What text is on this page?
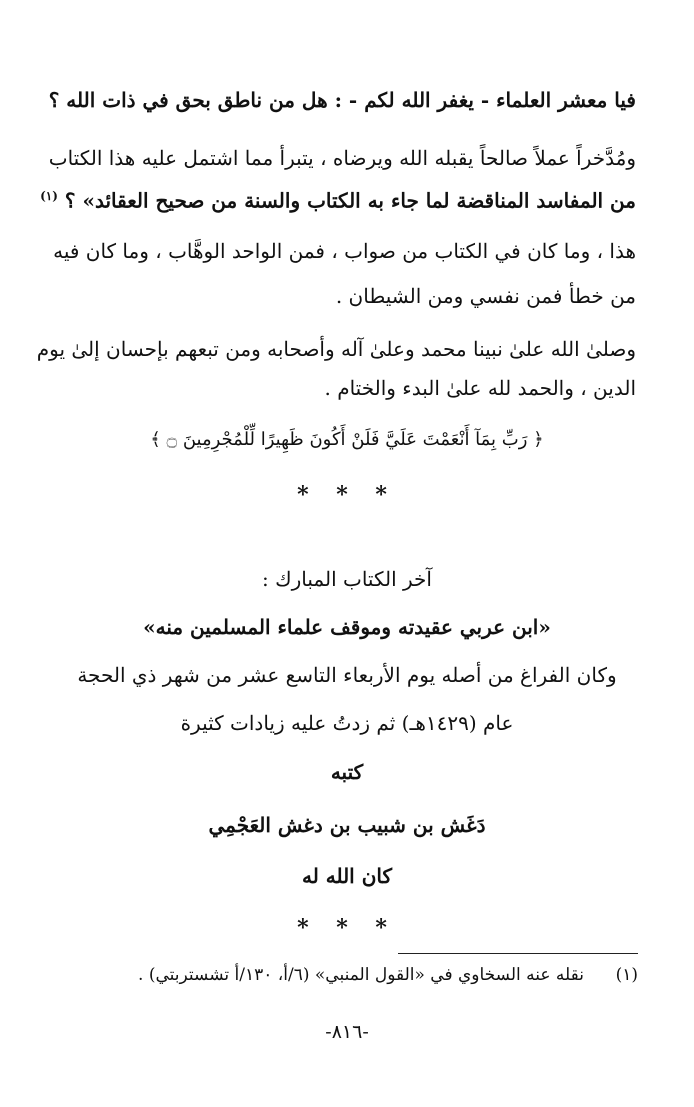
فيا معشر العلماء - يغفر الله لكم - : هل من ناطق بحق في ذات الله ؟
ومُدَّخراً عملاً صالحاً يقبله الله ويرضاه ، يتبرأ مما اشتمل عليه هذا الكتاب
من المفاسد المناقضة لما جاء به الكتاب والسنة من صحيح العقائد» ؟ $^{(١)}$
هذا ، وما كان في الكتاب من صواب ، فمن الواحد الوهَّاب ، وما كان فيه
من خطأ فمن نفسي ومن الشيطان .
وصلىٰ الله علىٰ نبينا محمد وعلىٰ آله وأصحابه ومن تبعهم بإحسان إلىٰ يوم
الدين ، والحمد لله علىٰ البدء والختام .
﴿ رَبِّ بِمَآ أَنْعَمْتَ عَلَيَّ فَلَنْ أَكُونَ ظَهِيرًا لِّلْمُجْرِمِينَ ۝ ﴾
* * *
آخر الكتاب المبارك :
«ابن عربي عقيدته وموقف علماء المسلمين منه»
وكان الفراغ من أصله يوم الأربعاء التاسع عشر من شهر ذي الحجة
عام (١٤٢٩هـ) ثم زدتُ عليه زيادات كثيرة
كتبه
دَغَش بن شبيب بن دغش العَجْمِي
كان الله له
* * *
(١)
نقله عنه السخاوي في «القول المنبي» (٦/أ، ١٣٠/أ تشستربتي) .
-٨١٦-
